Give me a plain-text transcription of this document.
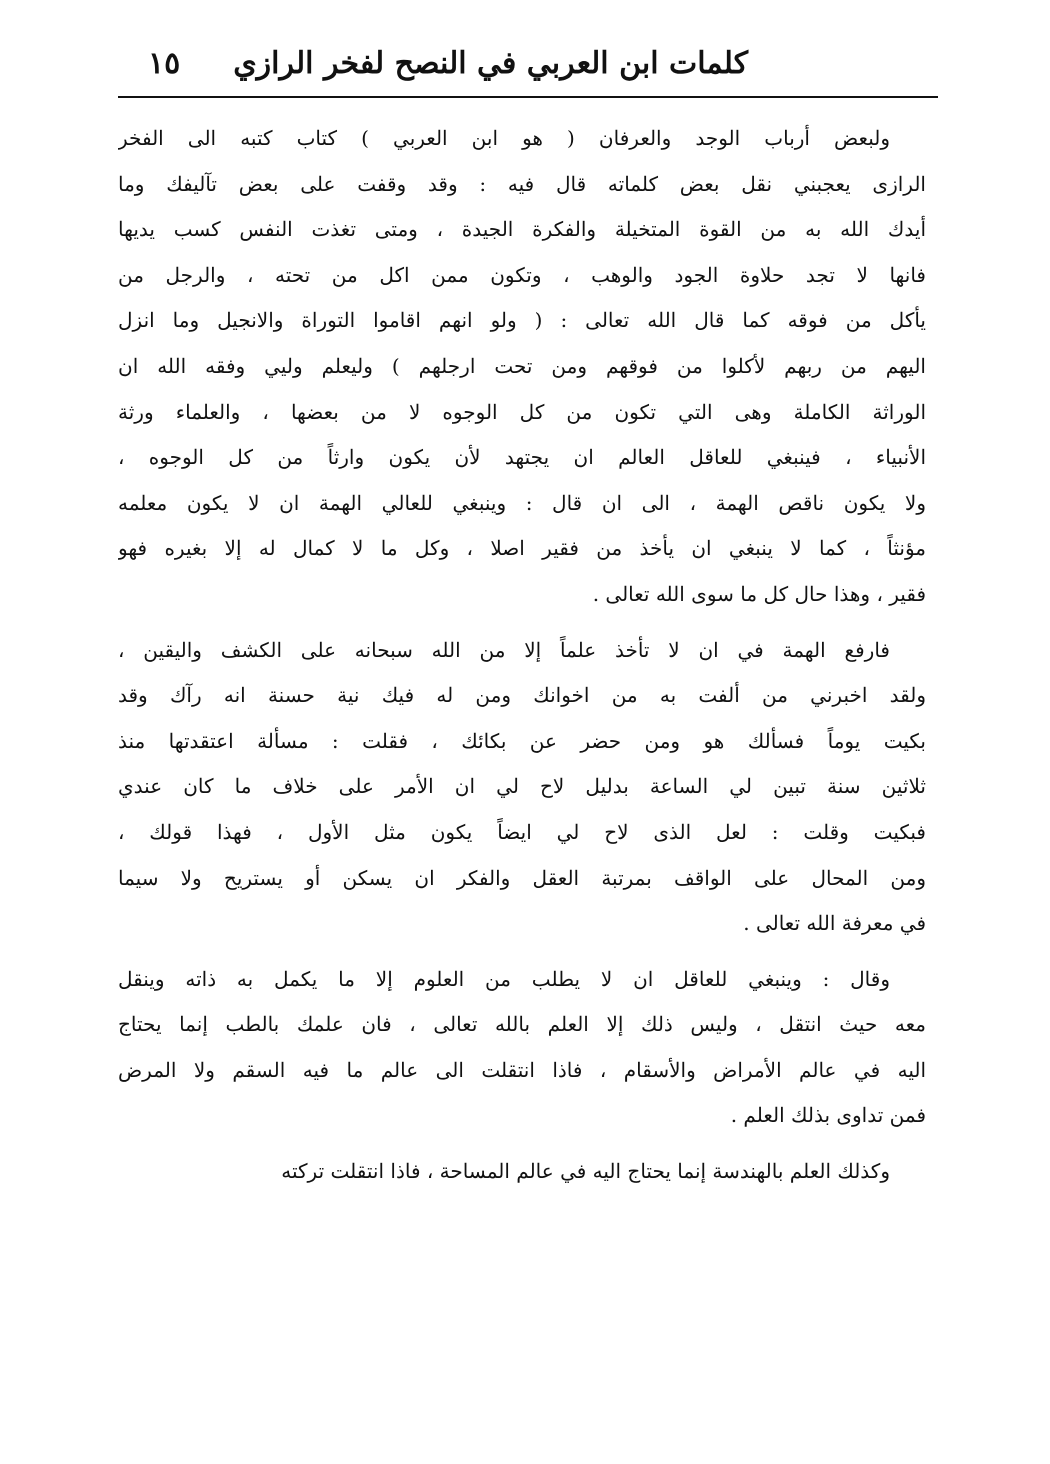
كلمات ابن العربي في النصح لفخر الرازي
١٥
ولبعض أرباب الوجد والعرفان ( هو ابن العربي ) كتاب كتبه الى الفخر
الرازى يعجبني نقل بعض كلماته قال فيه : وقد وقفت على بعض تآليفك وما
أيدك الله به من القوة المتخيلة والفكرة الجيدة ، ومتى تغذت النفس كسب يديها
فانها لا تجد حلاوة الجود والوهب ، وتكون ممن اكل من تحته ، والرجل من
يأكل من فوقه كما قال الله تعالى : ( ولو انهم اقاموا التوراة والانجيل وما انزل
اليهم من ربهم لأكلوا من فوقهم ومن تحت ارجلهم ) وليعلم وليي وفقه الله ان
الوراثة الكاملة وهى التي تكون من كل الوجوه لا من بعضها ، والعلماء ورثة
الأنبياء ، فينبغي للعاقل العالم ان يجتهد لأن يكون وارثاً من كل الوجوه ،
ولا يكون ناقص الهمة ، الى ان قال : وينبغي للعالي الهمة ان لا يكون معلمه
مؤنثاً ، كما لا ينبغي ان يأخذ من فقير اصلا ، وكل ما لا كمال له إلا بغيره فهو
فقير ، وهذا حال كل ما سوى الله تعالى .
فارفع الهمة في ان لا تأخذ علماً إلا من الله سبحانه على الكشف واليقين ،
ولقد اخبرني من ألفت به من اخوانك ومن له فيك نية حسنة انه رآك وقد
بكيت يوماً فسألك هو ومن حضر عن بكائك ، فقلت : مسألة اعتقدتها منذ
ثلاثين سنة تبين لي الساعة بدليل لاح لي ان الأمر على خلاف ما كان عندي
فبكيت وقلت : لعل الذى لاح لي ايضاً يكون مثل الأول ، فهذا قولك ،
ومن المحال على الواقف بمرتبة العقل والفكر ان يسكن أو يستريح ولا سيما
في معرفة الله تعالى .
وقال : وينبغي للعاقل ان لا يطلب من العلوم إلا ما يكمل به ذاته وينقل
معه حيث انتقل ، وليس ذلك إلا العلم بالله تعالى ، فان علمك بالطب إنما يحتاج
اليه في عالم الأمراض والأسقام ، فاذا انتقلت الى عالم ما فيه السقم ولا المرض
فمن تداوى بذلك العلم .
وكذلك العلم بالهندسة إنما يحتاج اليه في عالم المساحة ، فاذا انتقلت تركته
